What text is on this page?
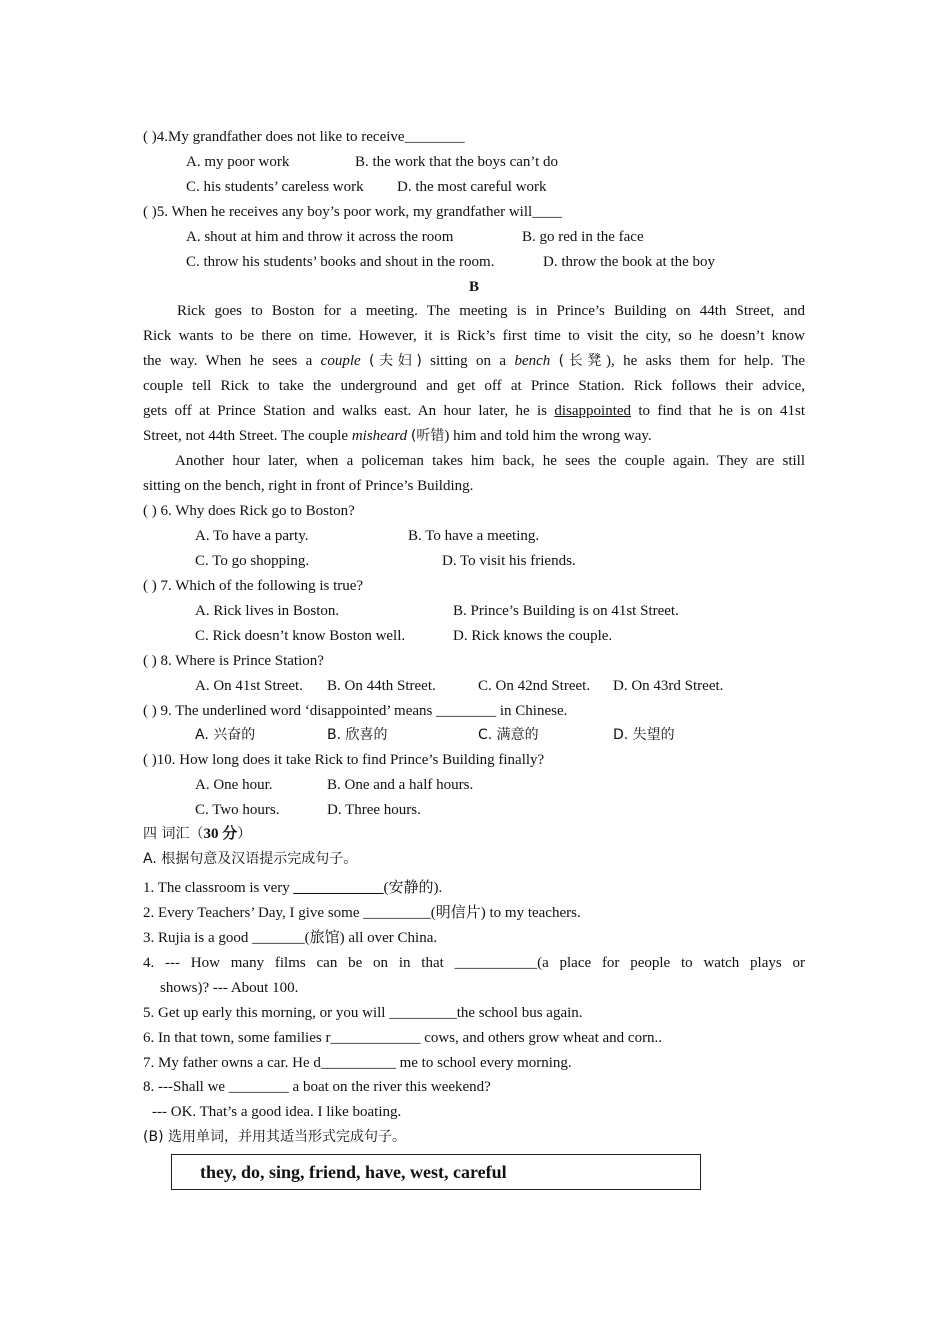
( )4.My grandfather does not like to receive________
A. my poor work	B. the work that the boys can’t do
C. his students’ careless work D. the most careful work
( )5. When he receives any boy’s poor work, my grandfather will____
A. shout at him and throw it across the room	B. go red in the face
C. throw his students’ books and shout in the room.	D. throw the book at the boy
B
Rick goes to Boston for a meeting. The meeting is in Prince’s Building on 44th Street, and
Rick wants to be there on time. However, it is Rick’s first time to visit the city, so he doesn’t know
the way. When he sees a couple (夫妇) sitting on a bench (长凳), he asks them for help. The
couple tell Rick to take the underground and get off at Prince Station. Rick follows their advice,
gets off at Prince Station and walks east. An hour later, he is disappointed to find that he is on 41st
Street, not 44th Street. The couple misheard (听错) him and told him the wrong way.
Another hour later, when a policeman takes him back, he sees the couple again. They are still
sitting on the bench, right in front of Prince’s Building.
( ) 6. Why does Rick go to Boston?
A. To have a party.	B. To have a meeting.
C. To go shopping.	D. To visit his friends.
( ) 7. Which of the following is true?
A. Rick lives in Boston.	B. Prince’s Building is on 41st Street.
C. Rick doesn’t know Boston well.	D. Rick knows the couple.
( ) 8. Where is Prince Station?
A. On 41st Street. B. On 44th Street.	C. On 42nd Street. D. On 43rd Street.
( ) 9. The underlined word ‘disappointed’ means ________ in Chinese.
A. 兴奋的	B. 欣喜的	C. 满意的	D. 失望的
( )10. How long does it take Rick to find Prince’s Building finally?
A. One hour.	B. One and a half hours.
C. Two hours.	D. Three hours.
四 词汇（30 分）
A. 根据句意及汉语提示完成句子。
1. The classroom is very ____________(安静的).
2. Every Teachers’ Day, I give some _________(明信片) to my teachers.
3. Rujia is a good _______(旅馆) all over China.
4. --- How many films can be on in that ___________(a place for people to watch plays or
shows)? --- About 100.
5. Get up early this morning, or you will _________the school bus again.
6. In that town, some families r____________ cows, and others grow wheat and corn..
7. My father owns a car. He d__________ me to school every morning.
8. ---Shall we ________ a boat on the river this weekend?
--- OK. That’s a good idea. I like boating.
(B) 选用单词，并用其适当形式完成句子。
they, do, sing, friend, have, west, careful
